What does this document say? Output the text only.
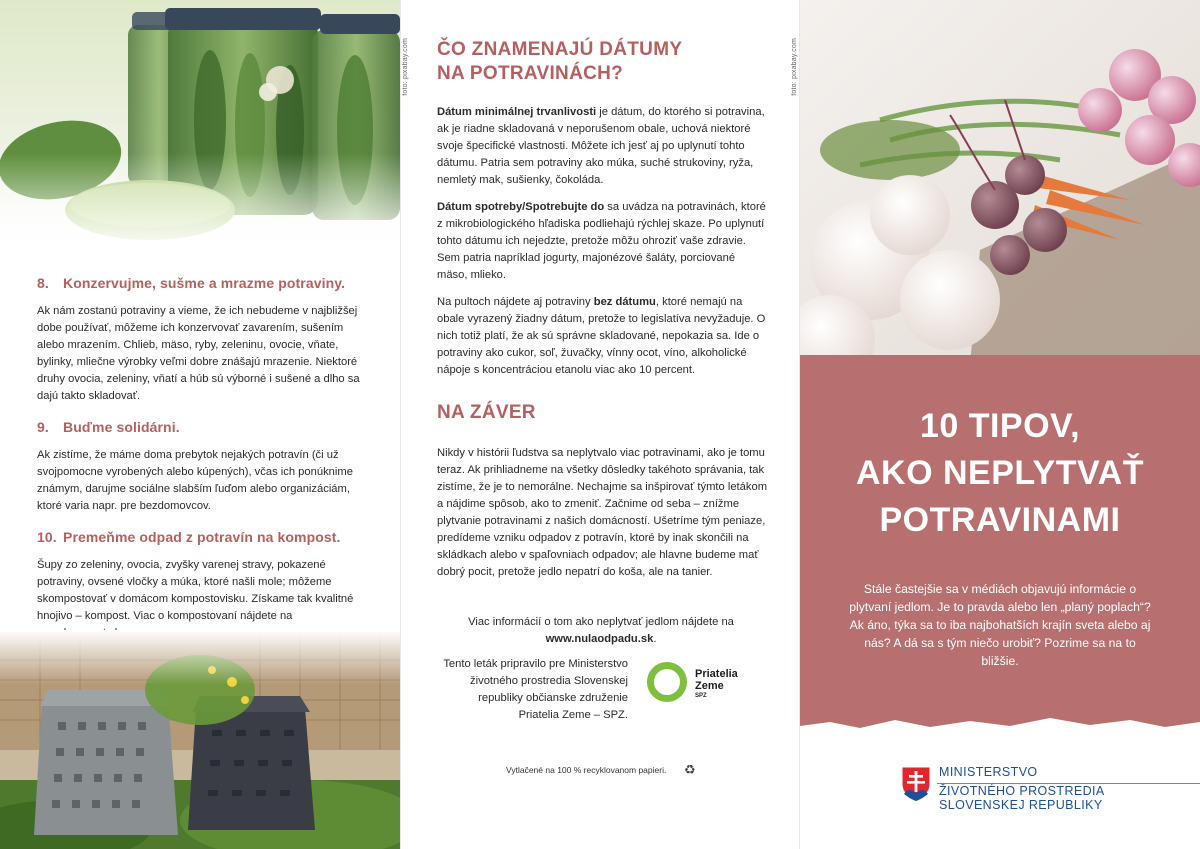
8. Konzervujme, sušme a mrazme potraviny.

Ak nám zostanú potraviny a vieme, že ich nebudeme v najbližšej dobe používať, môžeme ich konzervovať zavarením, sušením alebo mrazením. Chlieb, mäso, ryby, zeleninu, ovocie, vňate, bylinky, mliečne výrobky veľmi dobre znášajú mrazenie. Niektoré druhy ovocia, zeleniny, vňatí a húb sú výborné i sušené a dlho sa dajú takto skladovať.

9. Buďme solidárni.

Ak zistíme, že máme doma prebytok nejakých potravín (či už svojpomocne vyrobených alebo kúpených), včas ich ponúknime známym, darujme sociálne slabším ľuďom alebo organizáciám, ktoré varia napr. pre bezdomovcov.

10. Premeňme odpad z potravín na kompost.

Šupy zo zeleniny, ovocia, zvyšky varenej stravy, pokazené potraviny, ovsené vločky a múka, ktoré našli mole; môžeme skompostovať v domácom kompostovisku. Získame tak kvalitné hnojivo – kompost. Viac o kompostovaní nájdete na

foto: pixabay.com ČO ZNAMENAJÚ DÁTUMY
NA POTRAVINÁCH?

Dátum minimálnej trvanlivosti je dátum, do ktorého si potravina, ak je riadne skladovaná v neporušenom obale, uchová niektoré svoje špecifické vlastnosti. Môžete ich jesť aj po uplynutí tohto dátumu. Patria sem potraviny ako múka, suché strukoviny, ryža, nemletý mak, sušienky, čokoláda.

Dátum spotreby/Spotrebujte do sa uvádza na potravinách, ktoré z mikrobiologického hľadiska podliehajú rýchlej skaze. Po uplynutí tohto dátumu ich nejedzte, pretože môžu ohroziť vaše zdravie. Sem patria napríklad jogurty, majonézové šaláty, porciované mäso, mlieko.

Na pultoch nájdete aj potraviny bez dátumu, ktoré nemajú na obale vyrazený žiadny dátum, pretože to legislatíva nevyžaduje. O nich totiž platí, že ak sú správne skladované, nepokazia sa. Ide o potraviny ako cukor, soľ, žuvačky, vínny ocot, víno, alkoholické nápoje s koncentráciou etanolu viac ako 10 percent.

NA ZÁVER

Nikdy v histórii ľudstva sa neplytvalo viac potravinami, ako je tomu teraz. Ak prihliadneme na všetky dôsledky takéhoto správania, tak zistíme, že je to nemorálne. Nechajme sa inšpirovať týmto letákom a nájdime spôsob, ako to zmeniť. Začnime od seba – znížme plytvanie potravinami z našich domácností. Ušetríme tým peniaze, predídeme vzniku odpadov z potravín, ktoré by inak skončili na skládkach alebo v spaľovniach odpadov; ale hlavne budeme mať dobrý pocit, pretože jedlo nepatrí do koša, ale na tanier.

Viac informácií o tom ako neplytvať jedlom nájdete na www.nulaodpadu.sk.

Tento leták pripravilo pre Ministerstvo životného prostredia Slovenskej republiky občianske združenie Priatelia Zeme – SPZ.

Priatelia
Zeme
SPZ
Vytlačené na 100 % recyklovanom papieri. ♻
foto: pixabay.com
10 TIPOV,
AKO NEPLYTVAŤ
POTRAVINAMI

Stále častejšie sa v médiách objavujú informácie o plytvaní jedlom. Je to pravda alebo len „planý poplach“? Ak áno, týka sa to iba najbohatších krajín sveta alebo aj nás? A dá sa s tým niečo urobiť? Pozrime sa na to bližšie.

MINISTERSTVO
ŽIVOTNÉHO PROSTREDIA
SLOVENSKEJ REPUBLIKY
